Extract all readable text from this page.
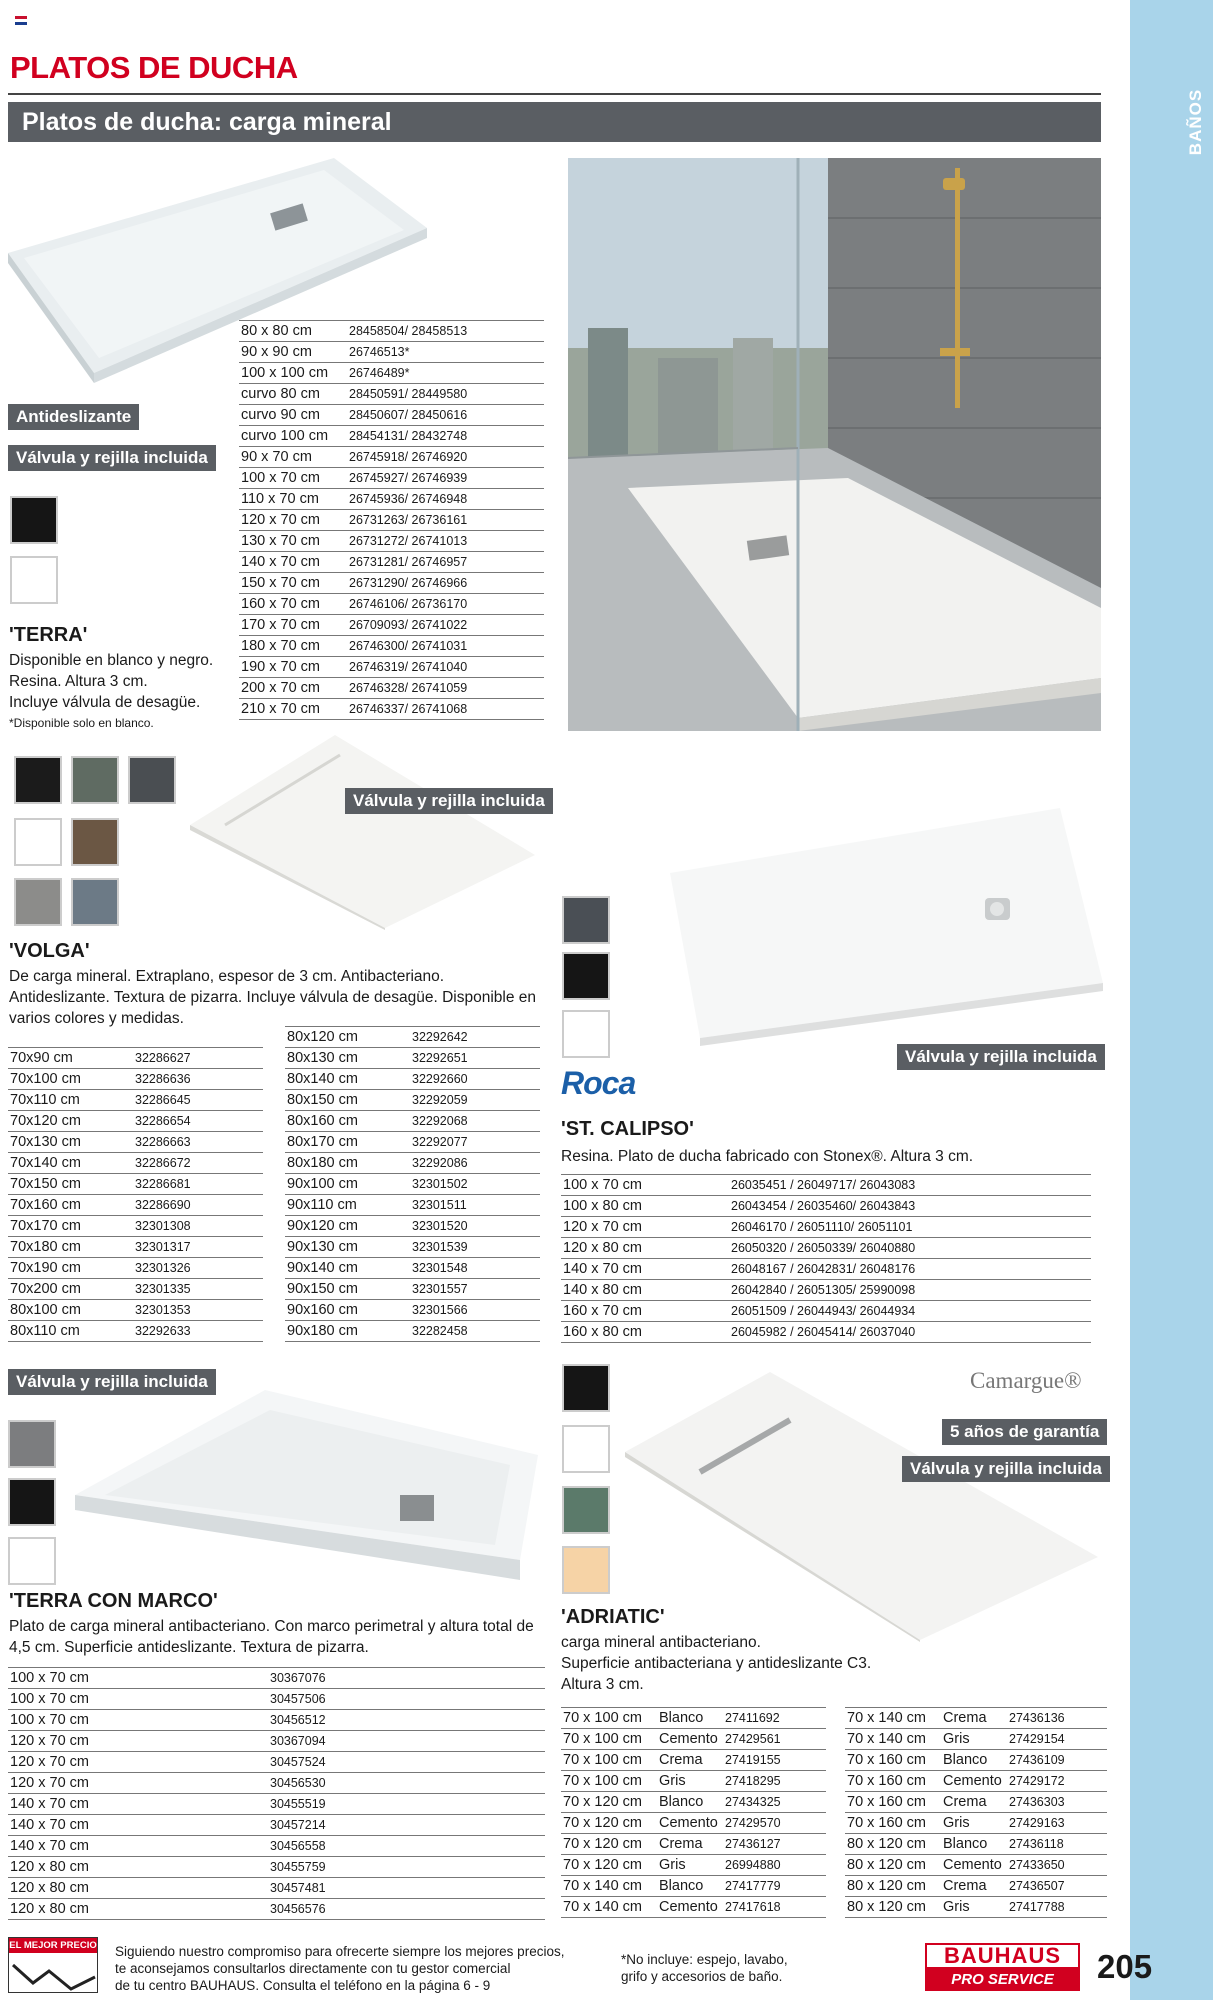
BAÑOS
PLATOS DE DUCHA
Platos de ducha: carga mineral
Antideslizante
Válvula y rejilla incluida
'TERRA'
Disponible en blanco y negro.
Resina. Altura 3 cm.
Incluye válvula de desagüe.
*Disponible solo en blanco.
80 x 80 cm	28458504/ 28458513
90 x 90 cm	26746513*
100 x 100 cm	26746489*
curvo 80 cm	28450591/ 28449580
curvo 90 cm	28450607/ 28450616
curvo 100 cm	28454131/ 28432748
90 x 70 cm	26745918/ 26746920
100 x 70 cm	26745927/ 26746939
110 x 70 cm	26745936/ 26746948
120 x 70 cm	26731263/ 26736161
130 x 70 cm	26731272/ 26741013
140 x 70 cm	26731281/ 26746957
150 x 70 cm	26731290/ 26746966
160 x 70 cm	26746106/ 26736170
170 x 70 cm	26709093/ 26741022
180 x 70 cm	26746300/ 26741031
190 x 70 cm	26746319/ 26741040
200 x 70 cm	26746328/ 26741059
210 x 70 cm	26746337/ 26741068
Válvula y rejilla incluida
'VOLGA'
De carga mineral. Extraplano, espesor de 3 cm. Antibacteriano. Antideslizante. Textura de pizarra. Incluye válvula de desagüe. Disponible en varios colores y medidas.
70x90 cm	32286627
70x100 cm	32286636
70x110 cm	32286645
70x120 cm	32286654
70x130 cm	32286663
70x140 cm	32286672
70x150 cm	32286681
70x160 cm	32286690
70x170 cm	32301308
70x180 cm	32301317
70x190 cm	32301326
70x200 cm	32301335
80x100 cm	32301353
80x110 cm	32292633
80x120 cm	32292642
80x130 cm	32292651
80x140 cm	32292660
80x150 cm	32292059
80x160 cm	32292068
80x170 cm	32292077
80x180 cm	32292086
90x100 cm	32301502
90x110 cm	32301511
90x120 cm	32301520
90x130 cm	32301539
90x140 cm	32301548
90x150 cm	32301557
90x160 cm	32301566
90x180 cm	32282458
Válvula y rejilla incluida
Roca
'ST. CALIPSO'
Resina. Plato de ducha fabricado con Stonex®. Altura 3 cm.
100 x 70 cm	26035451 / 26049717/ 26043083
100 x 80 cm	26043454 / 26035460/ 26043843
120 x 70 cm	26046170 / 26051110/ 26051101
120 x 80 cm	26050320 / 26050339/ 26040880
140 x 70 cm	26048167 / 26042831/ 26048176
140 x 80 cm	26042840 / 26051305/ 25990098
160 x 70 cm	26051509 / 26044943/ 26044934
160 x 80 cm	26045982 / 26045414/ 26037040
Válvula y rejilla incluida
'TERRA CON MARCO'
Plato de carga mineral antibacteriano. Con marco perimetral y altura total de 4,5 cm. Superficie antideslizante. Textura de pizarra.
100 x 70 cm	30367076
100 x 70 cm	30457506
100 x 70 cm	30456512
120 x 70 cm	30367094
120 x 70 cm	30457524
120 x 70 cm	30456530
140 x 70 cm	30455519
140 x 70 cm	30457214
140 x 70 cm	30456558
120 x 80 cm	30455759
120 x 80 cm	30457481
120 x 80 cm	30456576
Camargue®
5 años de garantía
Válvula y rejilla incluida
'ADRIATIC'
carga mineral antibacteriano.
Superficie antibacteriana y antideslizante C3.
Altura 3 cm.
70 x 100 cm	Blanco	27411692
70 x 100 cm	Cemento	27429561
70 x 100 cm	Crema	27419155
70 x 100 cm	Gris	27418295
70 x 120 cm	Blanco	27434325
70 x 120 cm	Cemento	27429570
70 x 120 cm	Crema	27436127
70 x 120 cm	Gris	26994880
70 x 140 cm	Blanco	27417779
70 x 140 cm	Cemento	27417618
70 x 140 cm	Crema	27436136
70 x 140 cm	Gris	27429154
70 x 160 cm	Blanco	27436109
70 x 160 cm	Cemento	27429172
70 x 160 cm	Crema	27436303
70 x 160 cm	Gris	27429163
80 x 120 cm	Blanco	27436118
80 x 120 cm	Cemento	27433650
80 x 120 cm	Crema	27436507
80 x 120 cm	Gris	27417788
EL MEJOR PRECIO Siguiendo nuestro compromiso para ofrecerte siempre los mejores precios,
te aconsejamos consultarlos directamente con tu gestor comercial
de tu centro BAUHAUS. Consulta el teléfono en la página 6 - 9
*No incluye: espejo, lavabo,
grifo y accesorios de baño.
BAUHAUS
PRO SERVICE	205
